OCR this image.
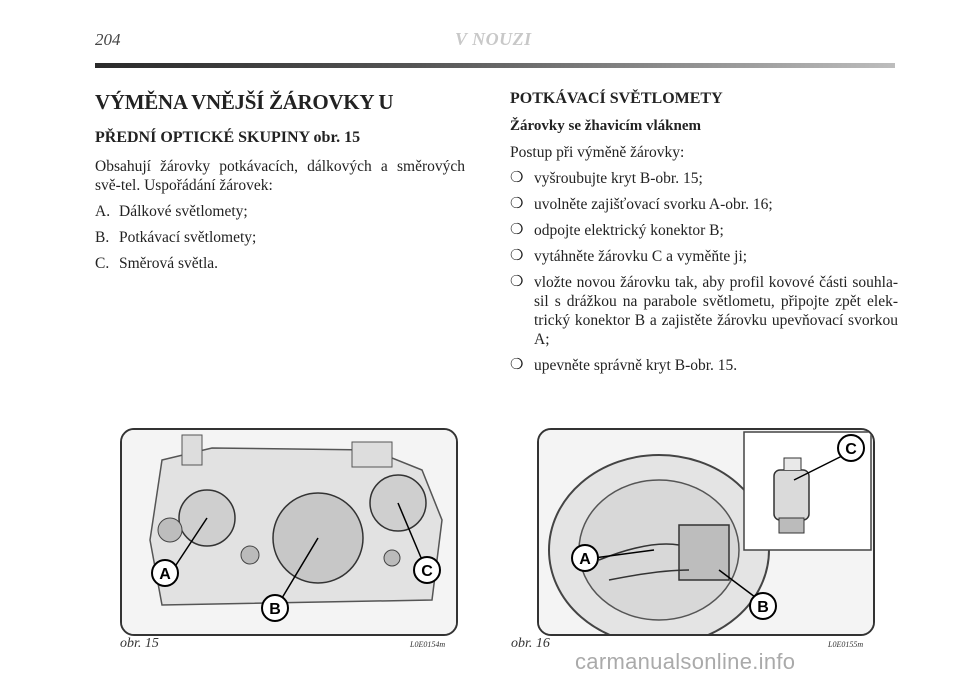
204	V NOUZI
VÝMĚNA VNĚJŠÍ ŽÁROVKY U
PŘEDNÍ OPTICKÉ SKUPINY obr. 15

Obsahují žárovky potkávacích, dálkových a směrových svě-tel. Uspořádání žárovek:

A. Dálkové světlomety;
B. Potkávací světlomety;
C. Směrová světla.
POTKÁVACÍ SVĚTLOMETY
Žárovky se žhavicím vláknem

Postup při výměně žárovky:

❍ vyšroubujte kryt B-obr. 15;
❍ uvolněte zajišťovací svorku A-obr. 16;
❍ odpojte elektrický konektor B;
❍ vytáhněte žárovku C a vyměňte ji;
❍ vložte novou žárovku tak, aby profil kovové části souhla-sil s drážkou na parabole světlometu, připojte zpět elek-trický konektor B a zajistěte žárovku upevňovací svorkou A;
❍ upevněte správně kryt B-obr. 15.
A
B
C
obr. 15	L0E0154m
A
B
C
obr. 16	L0E0155m
carmanualsonline.info
